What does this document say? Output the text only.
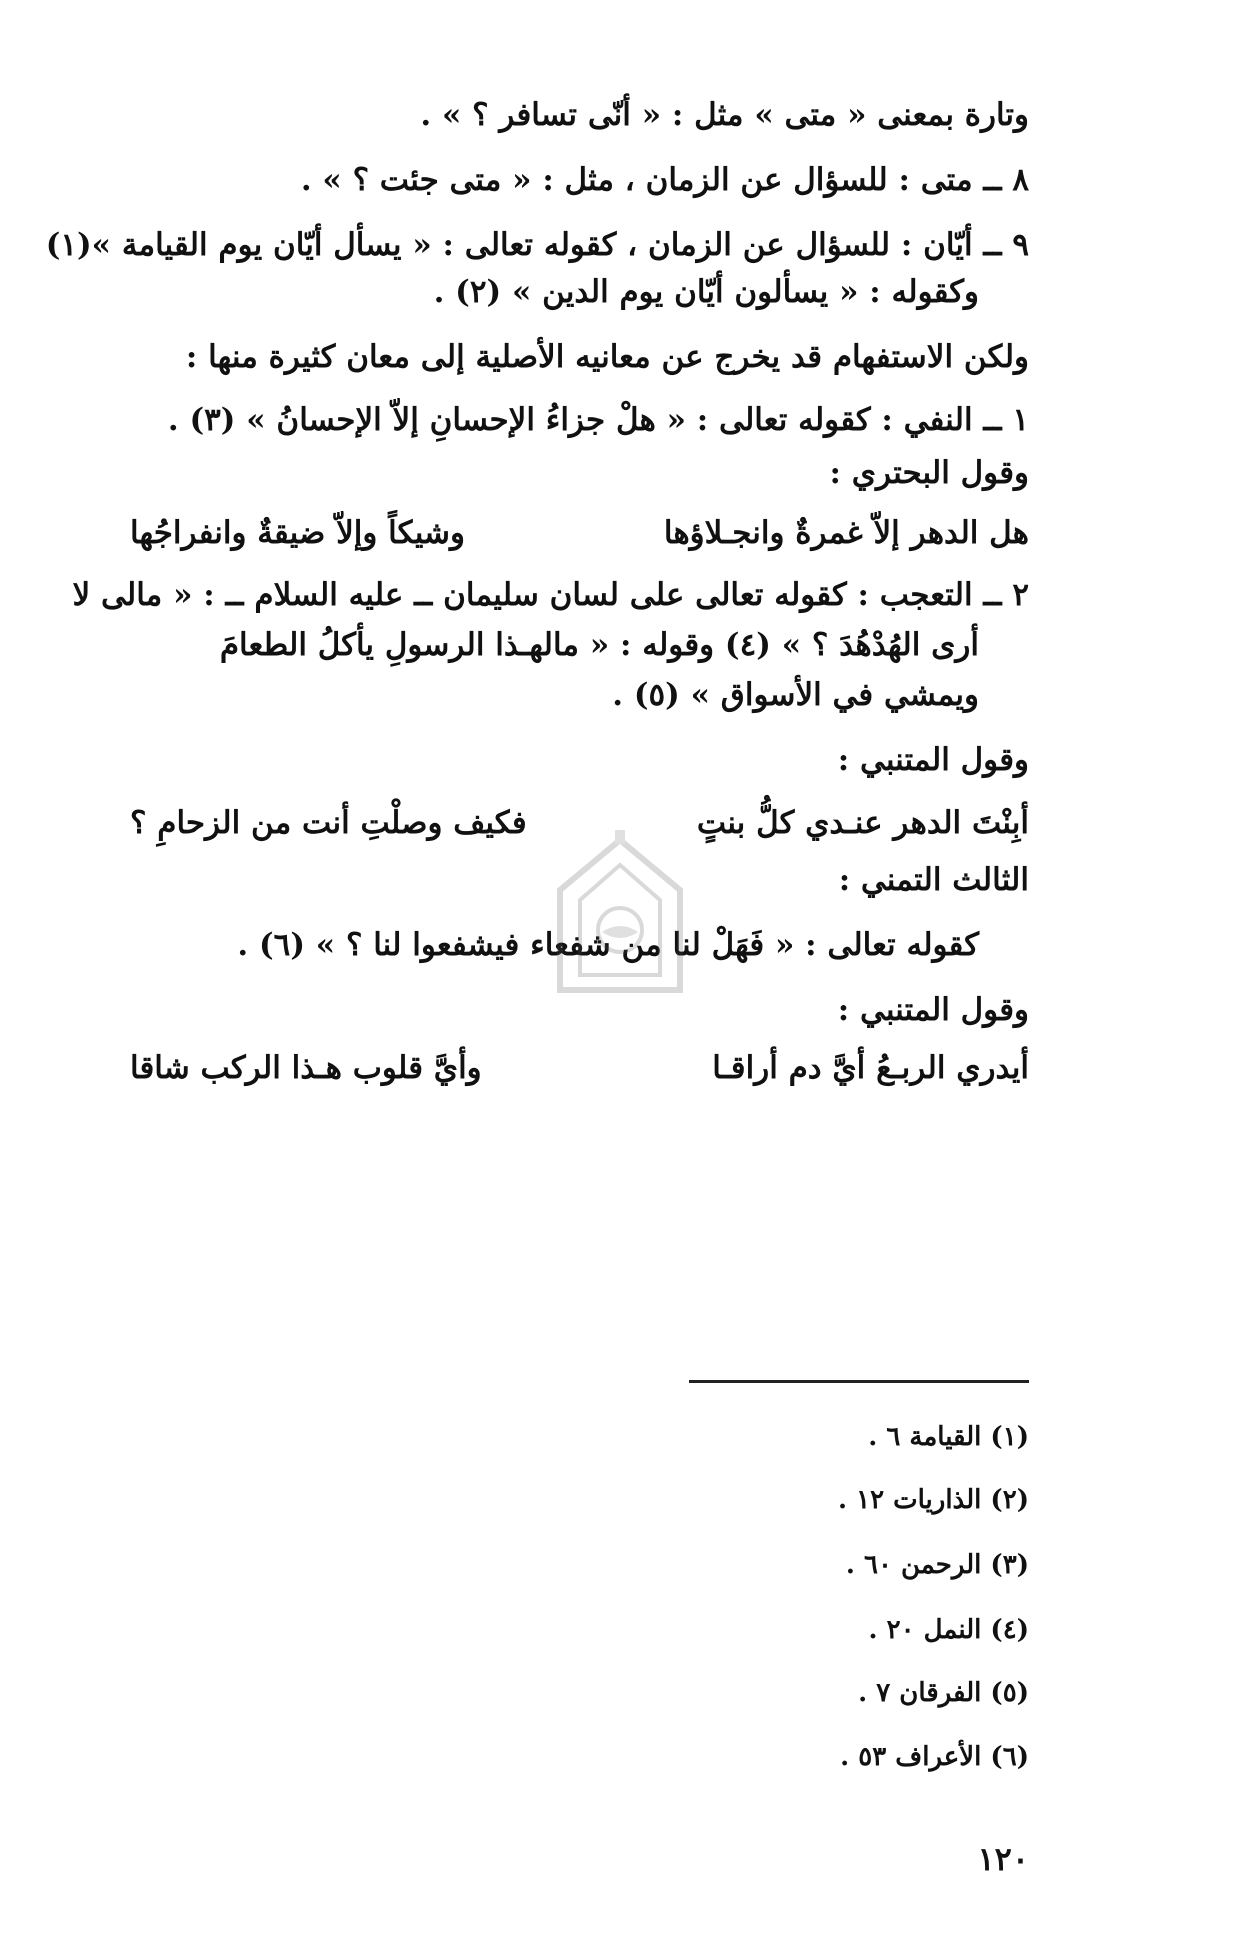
وتارة بمعنى « متى » مثل : « أنّى تسافر ؟ » .
٨ ــ متى : للسؤال عن الزمان ، مثل : « متى جئت ؟ » .
٩ ــ أيّان : للسؤال عن الزمان ، كقوله تعالى : « يسأل أيّان يوم القيامة »(١)
وكقوله : « يسألون أيّان يوم الدين » (٢) .
ولكن الاستفهام قد يخرج عن معانيه الأصلية إلى معان كثيرة منها :
١ ــ النفي : كقوله تعالى : « هلْ جزاءُ الإحسانِ إلاّ الإحسانُ » (٣) .
وقول البحتري :
هل الدهر إلاّ غمرةٌ وانجـلاؤها
وشيكاً وإلاّ ضيقةٌ وانفراجُها
٢ ــ التعجب : كقوله تعالى على لسان سليمان ــ عليه السلام ــ : « مالى لا
أرى الهُدْهُدَ ؟ » (٤) وقوله : « مالهـذا الرسولِ يأكلُ الطعامَ
ويمشي في الأسواق » (٥) .
وقول المتنبي :
أبِنْتَ الدهر عنـدي كلُّ بنتٍ
فكيف وصلْتِ أنت من الزحامِ ؟
الثالث التمني :
كقوله تعالى : « فَهَلْ لنا من شفعاء فيشفعوا لنا ؟ » (٦) .
وقول المتنبي :
أيدري الربـعُ أيَّ دم أراقـا
وأيَّ قلوب هـذا الركب شاقا
(١) القيامة ٦ .
(٢) الذاريات ١٢ .
(٣) الرحمن ٦٠ .
(٤) النمل ٢٠ .
(٥) الفرقان ٧ .
(٦) الأعراف ٥٣ .
١٢٠
